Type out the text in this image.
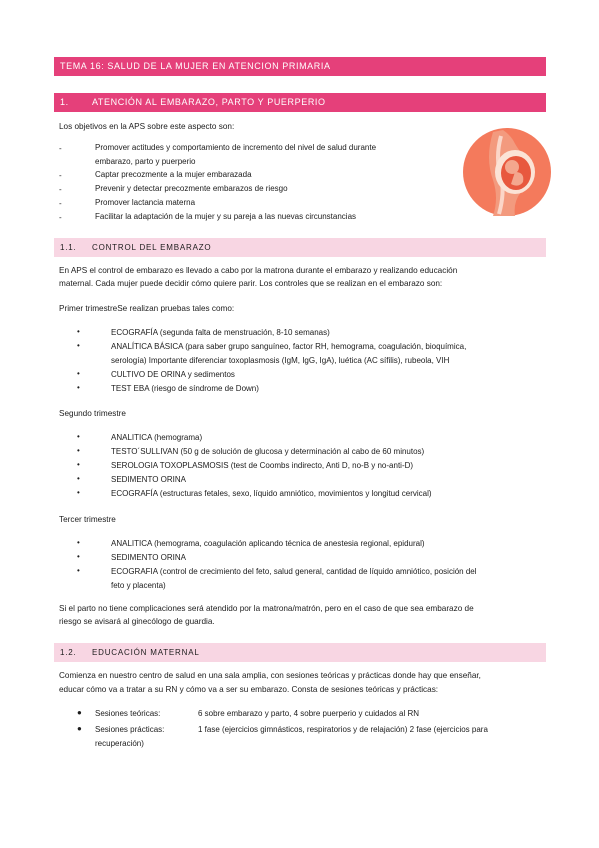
TEMA 16: SALUD DE LA MUJER EN ATENCION PRIMARIA
1.	ATENCIÓN AL EMBARAZO, PARTO Y PUERPERIO
Los objetivos en la APS sobre este aspecto son:
-	Promover actitudes y comportamiento de incremento del nivel de salud durante
embarazo, parto y puerperio
-	Captar precozmente a la mujer embarazada
-	Prevenir y detectar precozmente embarazos de riesgo
-	Promover lactancia materna
-	Facilitar la adaptación de la mujer y su pareja a las nuevas circunstancias
1.1. CONTROL DEL EMBARAZO
En APS el control de embarazo es llevado a cabo por la matrona durante el embarazo y realizando educación
maternal. Cada mujer puede decidir cómo quiere parir. Los controles que se realizan en el embarazo son:
Primer trimestreSe realizan pruebas tales como:
•	ECOGRAFÍA (segunda falta de menstruación, 8-10 semanas)
•	ANALÍTICA BÁSICA (para saber grupo sanguíneo, factor RH, hemograma, coagulación, bioquímica,
serología) Importante diferenciar toxoplasmosis (IgM, IgG, IgA), luética (AC sífilis), rubeola, VIH
•	CULTIVO DE ORINA y sedimentos
•	TEST EBA (riesgo de síndrome de Down)
Segundo trimestre
•	ANALITICA (hemograma)
•	TESTO´SULLIVAN (50 g de solución de glucosa y determinación al cabo de 60 minutos)
•	SEROLOGIA TOXOPLASMOSIS (test de Coombs indirecto, Anti D, no-B y no-anti-D)
•	SEDIMENTO ORINA
•	ECOGRAFÍA (estructuras fetales, sexo, líquido amniótico, movimientos y longitud cervical)
Tercer trimestre
•	ANALITICA (hemograma, coagulación aplicando técnica de anestesia regional, epidural)
•	SEDIMENTO ORINA
•	ECOGRAFIA (control de crecimiento del feto, salud general, cantidad de líquido amniótico, posición del
feto y placenta)
Si el parto no tiene complicaciones será atendido por la matrona/matrón, pero en el caso de que sea embarazo de
riesgo se avisará al ginecólogo de guardia.
1.2. EDUCACIÓN MATERNAL
Comienza en nuestro centro de salud en una sala amplia, con sesiones teóricas y prácticas donde hay que enseñar,
educar cómo va a tratar a su RN y cómo va a ser su embarazo. Consta de sesiones teóricas y prácticas:
● Sesiones teóricas:	6 sobre embarazo y parto, 4 sobre puerperio y cuidados al RN
● Sesiones prácticas:	1 fase (ejercicios gimnásticos, respiratorios y de relajación) 2 fase (ejercicios para
recuperación)
